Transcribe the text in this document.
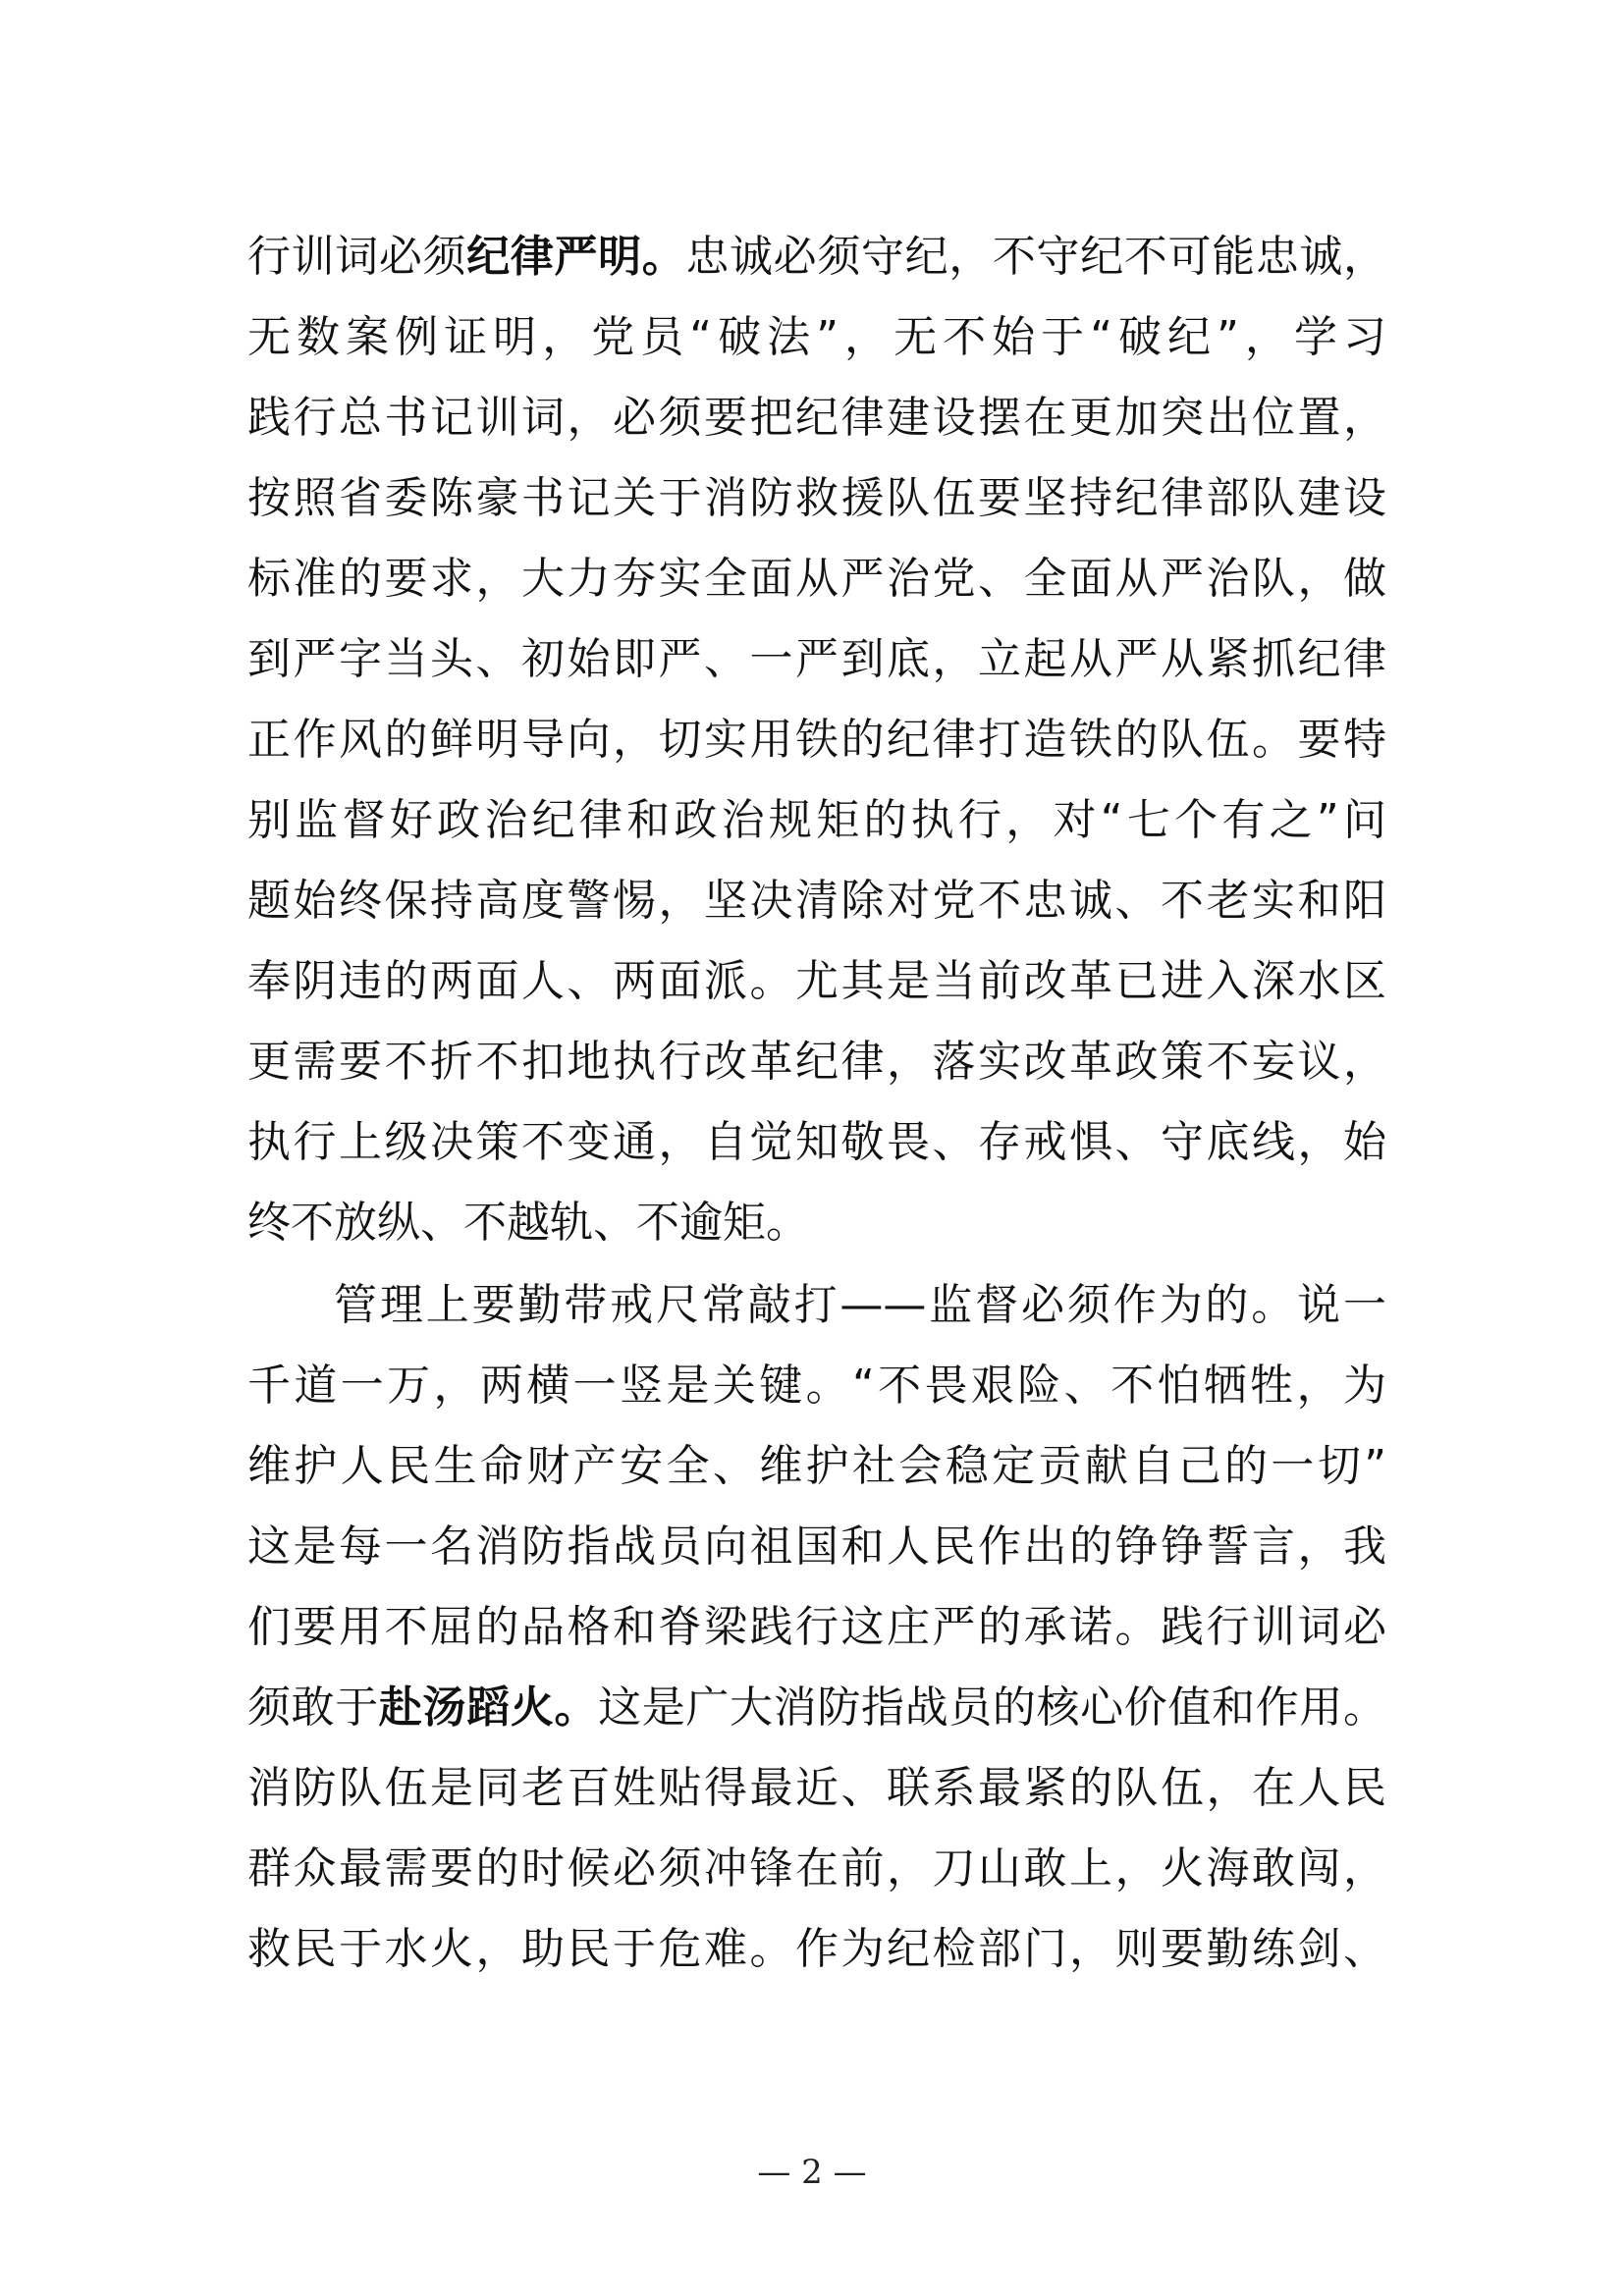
行训词必须纪律严明。忠诚必须守纪，不守纪不可能忠诚，
无数案例证明，党员“破法”，无不始于“破纪”，学习
践行总书记训词，必须要把纪律建设摆在更加突出位置，
按照省委陈豪书记关于消防救援队伍要坚持纪律部队建设
标准的要求，大力夯实全面从严治党、全面从严治队，做
到严字当头、初始即严、一严到底，立起从严从紧抓纪律
正作风的鲜明导向，切实用铁的纪律打造铁的队伍。要特
别监督好政治纪律和政治规矩的执行，对“七个有之”问
题始终保持高度警惕，坚决清除对党不忠诚、不老实和阳
奉阴违的两面人、两面派。尤其是当前改革已进入深水区
更需要不折不扣地执行改革纪律，落实改革政策不妄议，
执行上级决策不变通，自觉知敬畏、存戒惧、守底线，始
终不放纵、不越轨、不逾矩。
管理上要勤带戒尺常敲打——监督必须作为的。说一
千道一万，两横一竖是关键。“不畏艰险、不怕牺牲，为
维护人民生命财产安全、维护社会稳定贡献自己的一切”
这是每一名消防指战员向祖国和人民作出的铮铮誓言，我
们要用不屈的品格和脊梁践行这庄严的承诺。践行训词必
须敢于赴汤蹈火。这是广大消防指战员的核心价值和作用。
消防队伍是同老百姓贴得最近、联系最紧的队伍，在人民
群众最需要的时候必须冲锋在前，刀山敢上，火海敢闯，
救民于水火，助民于危难。作为纪检部门，则要勤练剑、
— 2 —
